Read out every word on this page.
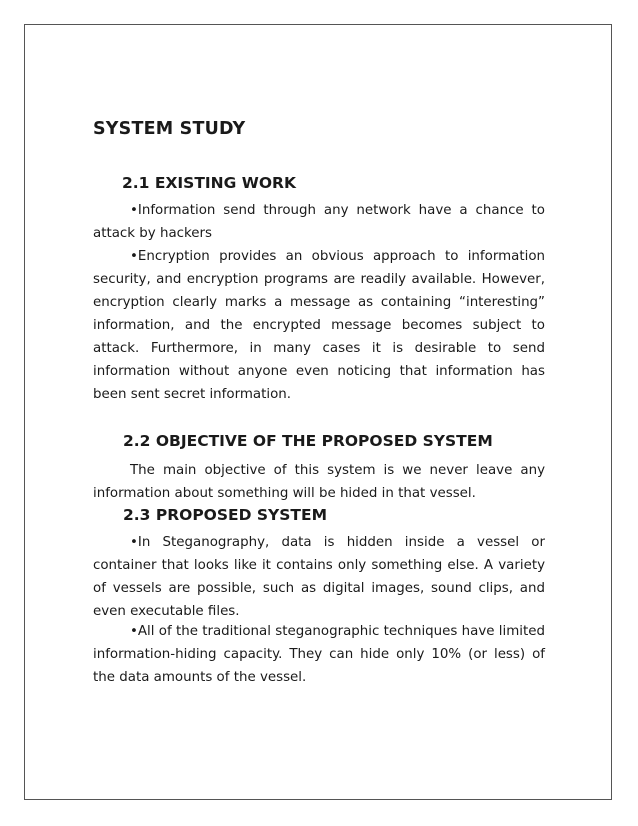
SYSTEM STUDY
2.1 EXISTING WORK

•Information send through any network have a chance to attack by hackers

•Encryption provides an obvious approach to information security, and encryption programs are readily available. However, encryption clearly marks a message as containing “interesting” information, and the encrypted message becomes subject to attack. Furthermore, in many cases it is desirable to send information without anyone even noticing that information has been sent secret information.

2.2 OBJECTIVE OF THE PROPOSED SYSTEM

The main objective of this system is we never leave any information about something will be hided in that vessel.

2.3 PROPOSED SYSTEM

•In Steganography, data is hidden inside a vessel or container that looks like it contains only something else. A variety of vessels are possible, such as digital images, sound clips, and even executable files.

•All of the traditional steganographic techniques have limited information-hiding capacity. They can hide only 10% (or less) of the data amounts of the vessel.
